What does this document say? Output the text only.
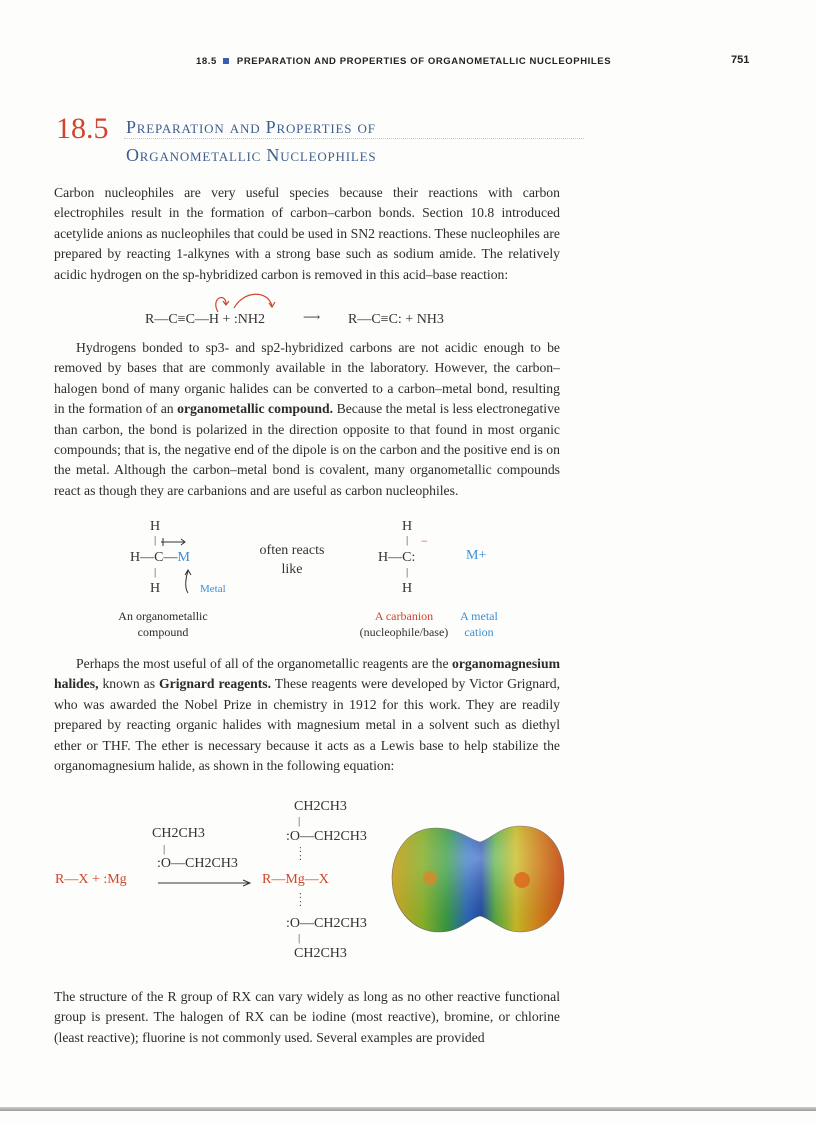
18.5 PREPARATION AND PROPERTIES OF ORGANOMETALLIC NUCLEOPHILES	751
18.5 Preparation and Properties of
Organometallic Nucleophiles
Carbon nucleophiles are very useful species because their reactions with carbon electrophiles result in the formation of carbon–carbon bonds. Section 10.8 introduced acetylide anions as nucleophiles that could be used in SN2 reactions. These nucleophiles are prepared by reacting 1-alkynes with a strong base such as sodium amide. The relatively acidic hydrogen on the sp-hybridized carbon is removed in this acid–base reaction:
R—C≡C—H + :NH2	⟶ R—C≡C: + NH3
Hydrogens bonded to sp3- and sp2-hybridized carbons are not acidic enough to be removed by bases that are commonly available in the laboratory. However, the carbon–halogen bond of many organic halides can be converted to a carbon–metal bond, resulting in the formation of an organometallic compound. Because the metal is less electronegative than carbon, the bond is polarized in the direction opposite to that found in most organic compounds; that is, the negative end of the dipole is on the carbon and the positive end is on the metal. Although the carbon–metal bond is covalent, many organometallic compounds react as though they are carbanions and are useful as carbon nucleophiles.
H
|
H—C—M
|
H	Metal
An organometallic
compound
often reacts
like
H
| −
H—C:
|
H
M+
A carbanion
(nucleophile/base)
A metal
cation
Perhaps the most useful of all of the organometallic reagents are the organomagnesium halides, known as Grignard reagents. These reagents were developed by Victor Grignard, who was awarded the Nobel Prize in chemistry in 1912 for this work. They are readily prepared by reacting organic halides with magnesium metal in a solvent such as diethyl ether or THF. The ether is necessary because it acts as a Lewis base to help stabilize the organomagnesium halide, as shown in the following equation:
R—X + :Mg
CH2CH3
|
:O—CH2CH3
CH2CH3
|
:O—CH2CH3
:
:
R—Mg—X
:
:
:O—CH2CH3
|
CH2CH3
The structure of the R group of RX can vary widely as long as no other reactive functional group is present. The halogen of RX can be iodine (most reactive), bromine, or chlorine (least reactive); fluorine is not commonly used. Several examples are provided
